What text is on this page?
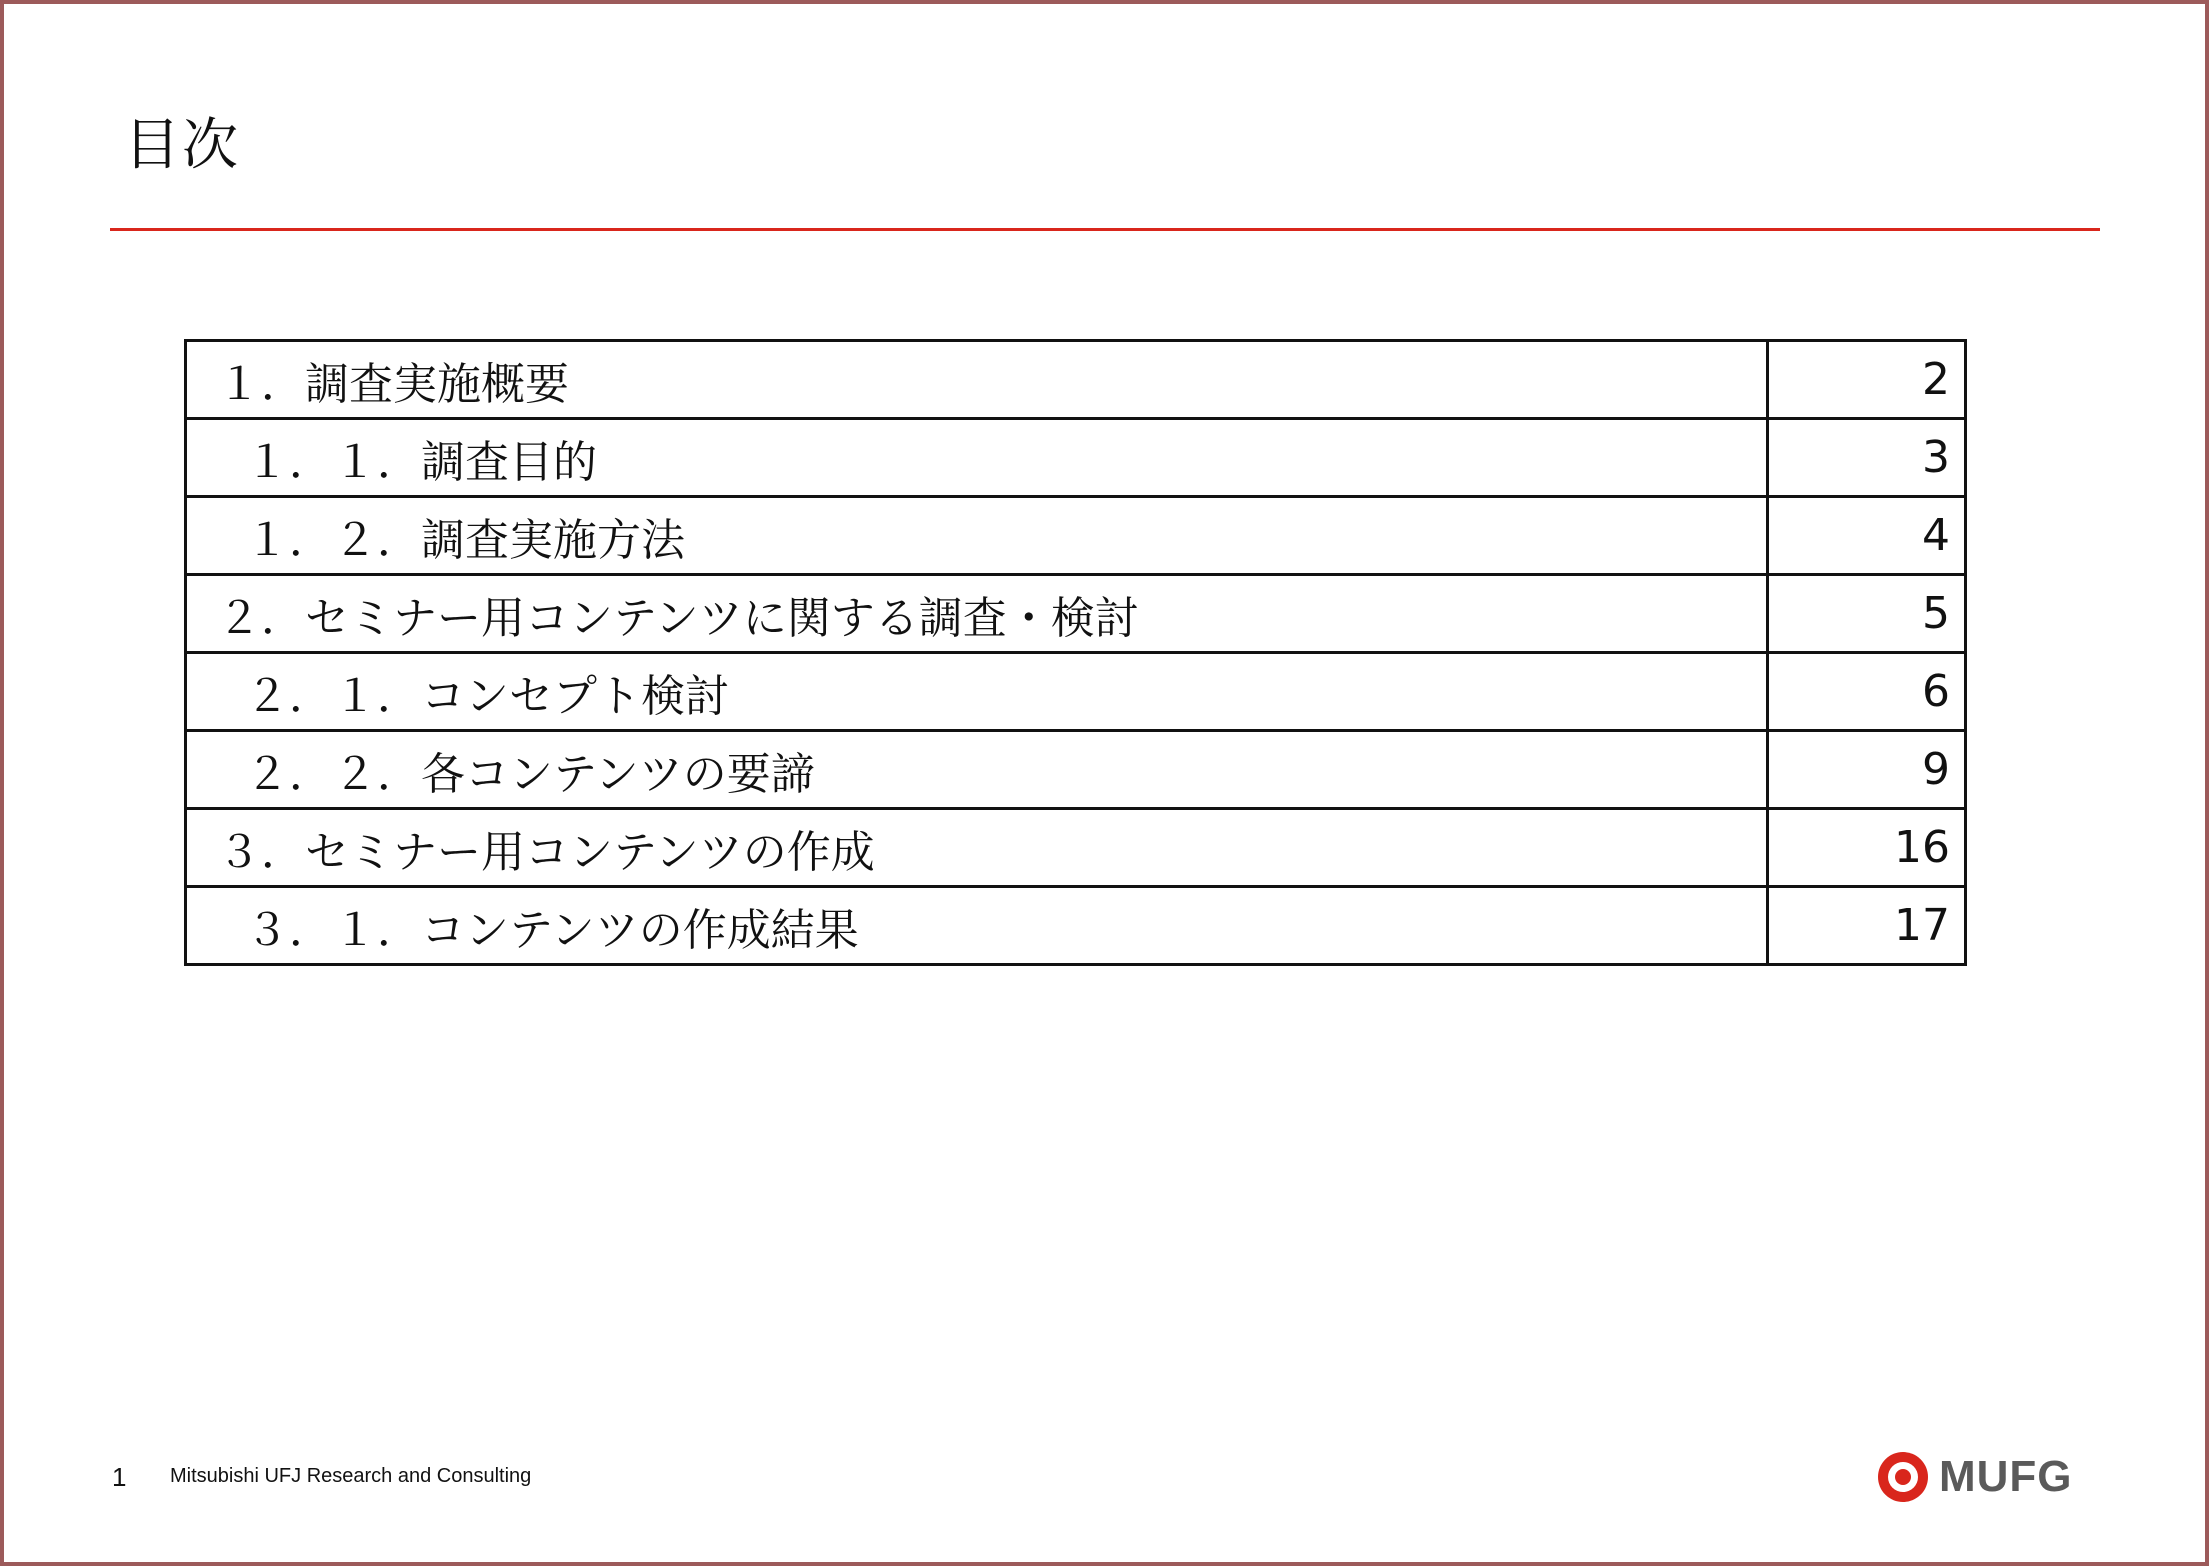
目次
１．調査実施概要	2
１．１．調査目的	3
１．２．調査実施方法	4
２．セミナー用コンテンツに関する調査・検討	5
２．１．コンセプト検討	6
２．２．各コンテンツの要諦	9
３．セミナー用コンテンツの作成	16
３．１．コンテンツの作成結果	17
1 Mitsubishi UFJ Research and Consulting	MUFG
